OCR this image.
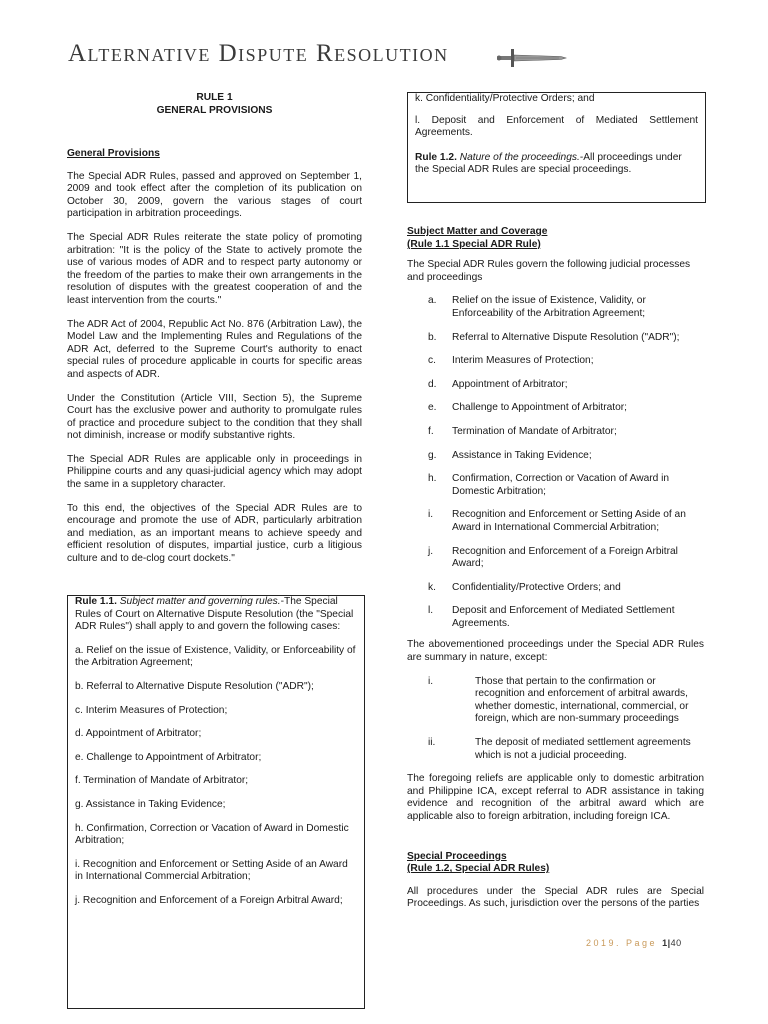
Alternative Dispute Resolution
RULE 1
GENERAL PROVISIONS

General Provisions

The Special ADR Rules, passed and approved on September 1, 2009 and took effect after the completion of its publication on October 30, 2009, govern the various stages of court participation in arbitration proceedings.

The Special ADR Rules reiterate the state policy of promoting arbitration: "It is the policy of the State to actively promote the use of various modes of ADR and to respect party autonomy or the freedom of the parties to make their own arrangements in the resolution of disputes with the greatest cooperation of and the least intervention from the courts."

The ADR Act of 2004, Republic Act No. 876 (Arbitration Law), the Model Law and the Implementing Rules and Regulations of the ADR Act, deferred to the Supreme Court's authority to enact special rules of procedure applicable in courts for specific areas and aspects of ADR.

Under the Constitution (Article VIII, Section 5), the Supreme Court has the exclusive power and authority to promulgate rules of practice and procedure subject to the condition that they shall not diminish, increase or modify substantive rights.

The Special ADR Rules are applicable only in proceedings in Philippine courts and any quasi-judicial agency which may adopt the same in a suppletory character.

To this end, the objectives of the Special ADR Rules are to encourage and promote the use of ADR, particularly arbitration and mediation, as an important means to achieve speedy and efficient resolution of disputes, impartial justice, curb a litigious culture and to de-clog court dockets."

Rule 1.1. Subject matter and governing rules.-The Special Rules of Court on Alternative Dispute Resolution (the "Special ADR Rules") shall apply to and govern the following cases:

a. Relief on the issue of Existence, Validity, or Enforceability of the Arbitration Agreement;

b. Referral to Alternative Dispute Resolution ("ADR");

c. Interim Measures of Protection;

d. Appointment of Arbitrator;

e. Challenge to Appointment of Arbitrator;

f. Termination of Mandate of Arbitrator;

g. Assistance in Taking Evidence;

h. Confirmation, Correction or Vacation of Award in Domestic Arbitration;

i. Recognition and Enforcement or Setting Aside of an Award in International Commercial Arbitration;

j. Recognition and Enforcement of a Foreign Arbitral Award;

k. Confidentiality/Protective Orders; and

l. Deposit and Enforcement of Mediated Settlement Agreements.

Rule 1.2. Nature of the proceedings.-All proceedings under the Special ADR Rules are special proceedings.

Subject Matter and Coverage

(Rule 1.1 Special ADR Rule)

The Special ADR Rules govern the following judicial processes and proceedings

a. Relief on the issue of Existence, Validity, or Enforceability of the Arbitration Agreement;
b. Referral to Alternative Dispute Resolution ("ADR");
c. Interim Measures of Protection;
d. Appointment of Arbitrator;
e. Challenge to Appointment of Arbitrator;
f. Termination of Mandate of Arbitrator;
g. Assistance in Taking Evidence;
h. Confirmation, Correction or Vacation of Award in Domestic Arbitration;
i. Recognition and Enforcement or Setting Aside of an Award in International Commercial Arbitration;
j. Recognition and Enforcement of a Foreign Arbitral Award;
k. Confidentiality/Protective Orders; and
l. Deposit and Enforcement of Mediated Settlement Agreements.

The abovementioned proceedings under the Special ADR Rules are summary in nature, except:

i.	Those that pertain to the confirmation or recognition and enforcement of arbitral awards, whether domestic, international, commercial, or foreign, which are non-summary proceedings
ii.	The deposit of mediated settlement agreements which is not a judicial proceeding.

The foregoing reliefs are applicable only to domestic arbitration and Philippine ICA, except referral to ADR assistance in taking evidence and recognition of the arbitral award which are applicable also to foreign arbitration, including foreign ICA.

Special Proceedings

(Rule 1.2, Special ADR Rules)

All procedures under the Special ADR rules are Special Proceedings. As such, jurisdiction over the persons of the parties

2019. Page 1|40
